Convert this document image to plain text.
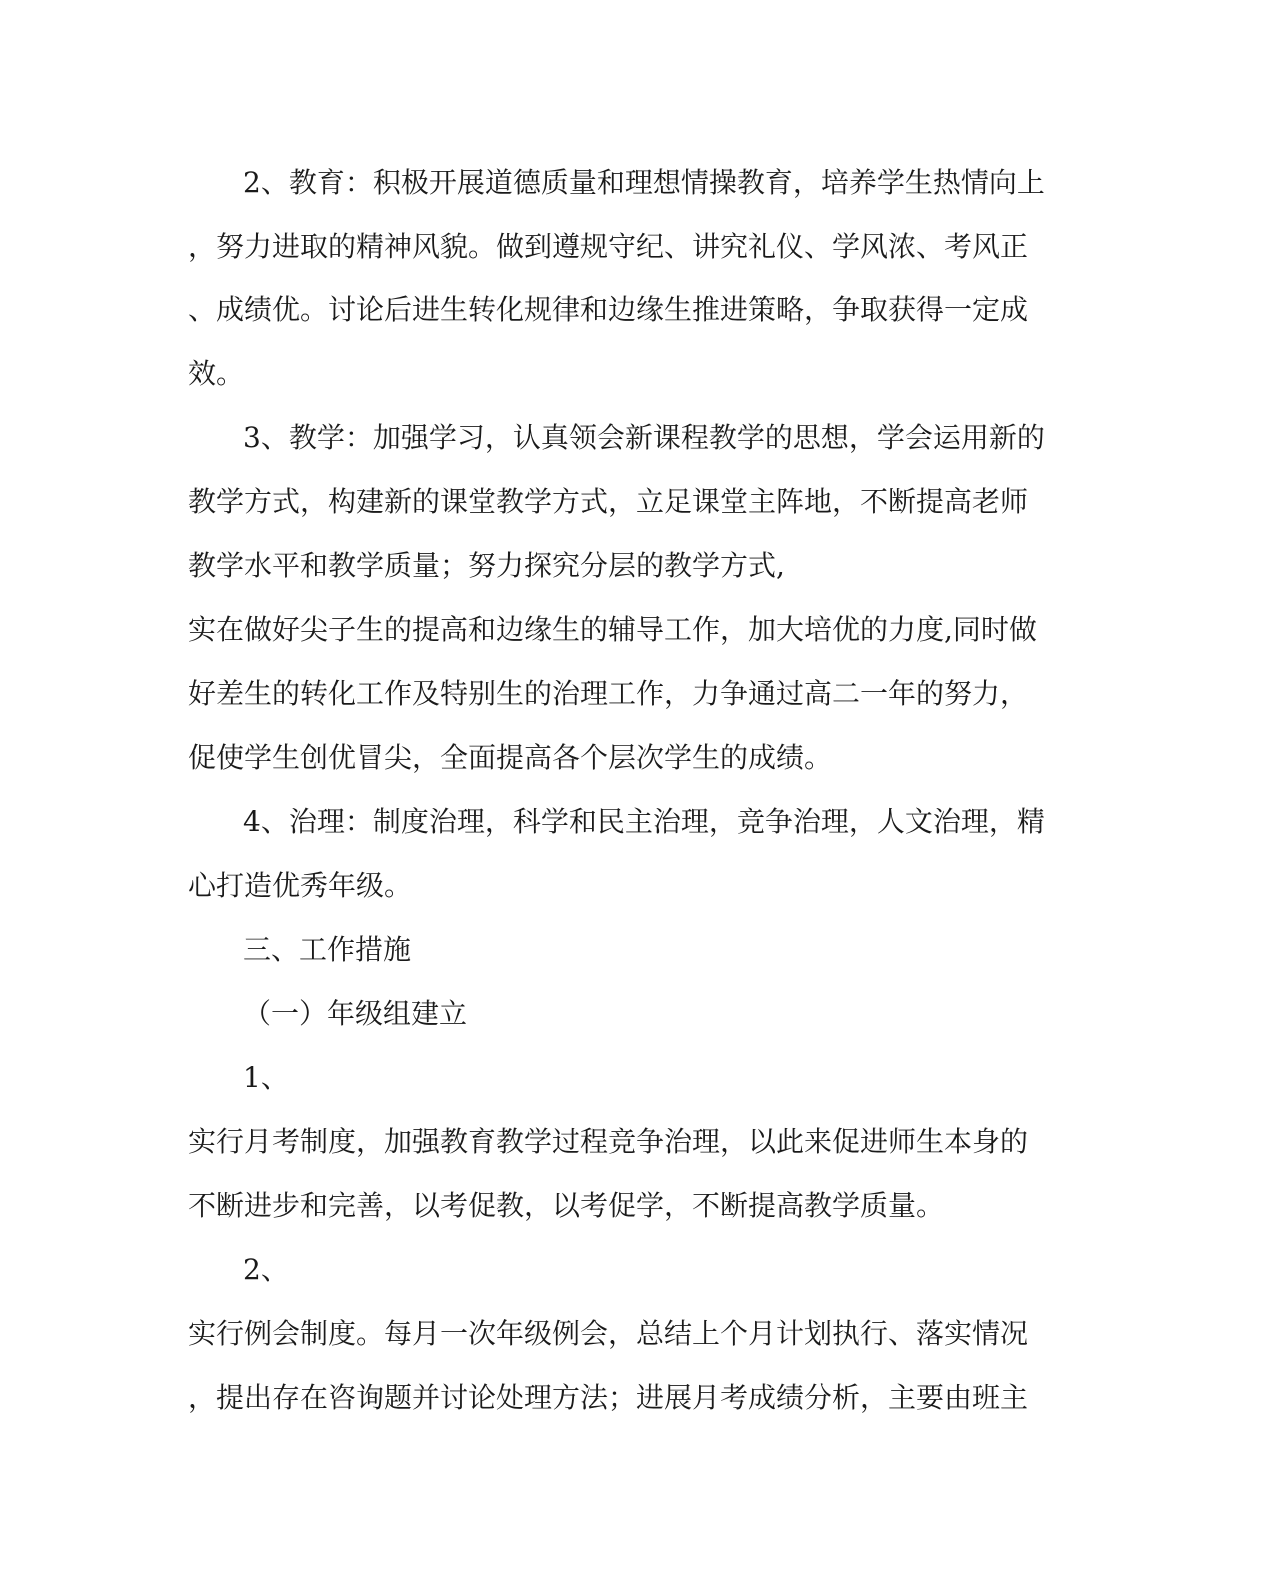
2、教育：积极开展道德质量和理想情操教育，培养学生热情向上
，努力进取的精神风貌。做到遵规守纪、讲究礼仪、学风浓、考风正
、成绩优。讨论后进生转化规律和边缘生推进策略，争取获得一定成
效。
3、教学：加强学习，认真领会新课程教学的思想，学会运用新的
教学方式，构建新的课堂教学方式，立足课堂主阵地，不断提高老师
教学水平和教学质量；努力探究分层的教学方式,
实在做好尖子生的提高和边缘生的辅导工作，加大培优的力度,同时做
好差生的转化工作及特别生的治理工作，力争通过高二一年的努力，
促使学生创优冒尖，全面提高各个层次学生的成绩。
4、治理：制度治理，科学和民主治理，竞争治理，人文治理，精
心打造优秀年级。
三、工作措施
（一）年级组建立
1、
实行月考制度，加强教育教学过程竞争治理，以此来促进师生本身的
不断进步和完善，以考促教，以考促学，不断提高教学质量。
2、
实行例会制度。每月一次年级例会，总结上个月计划执行、落实情况
，提出存在咨询题并讨论处理方法；进展月考成绩分析，主要由班主
